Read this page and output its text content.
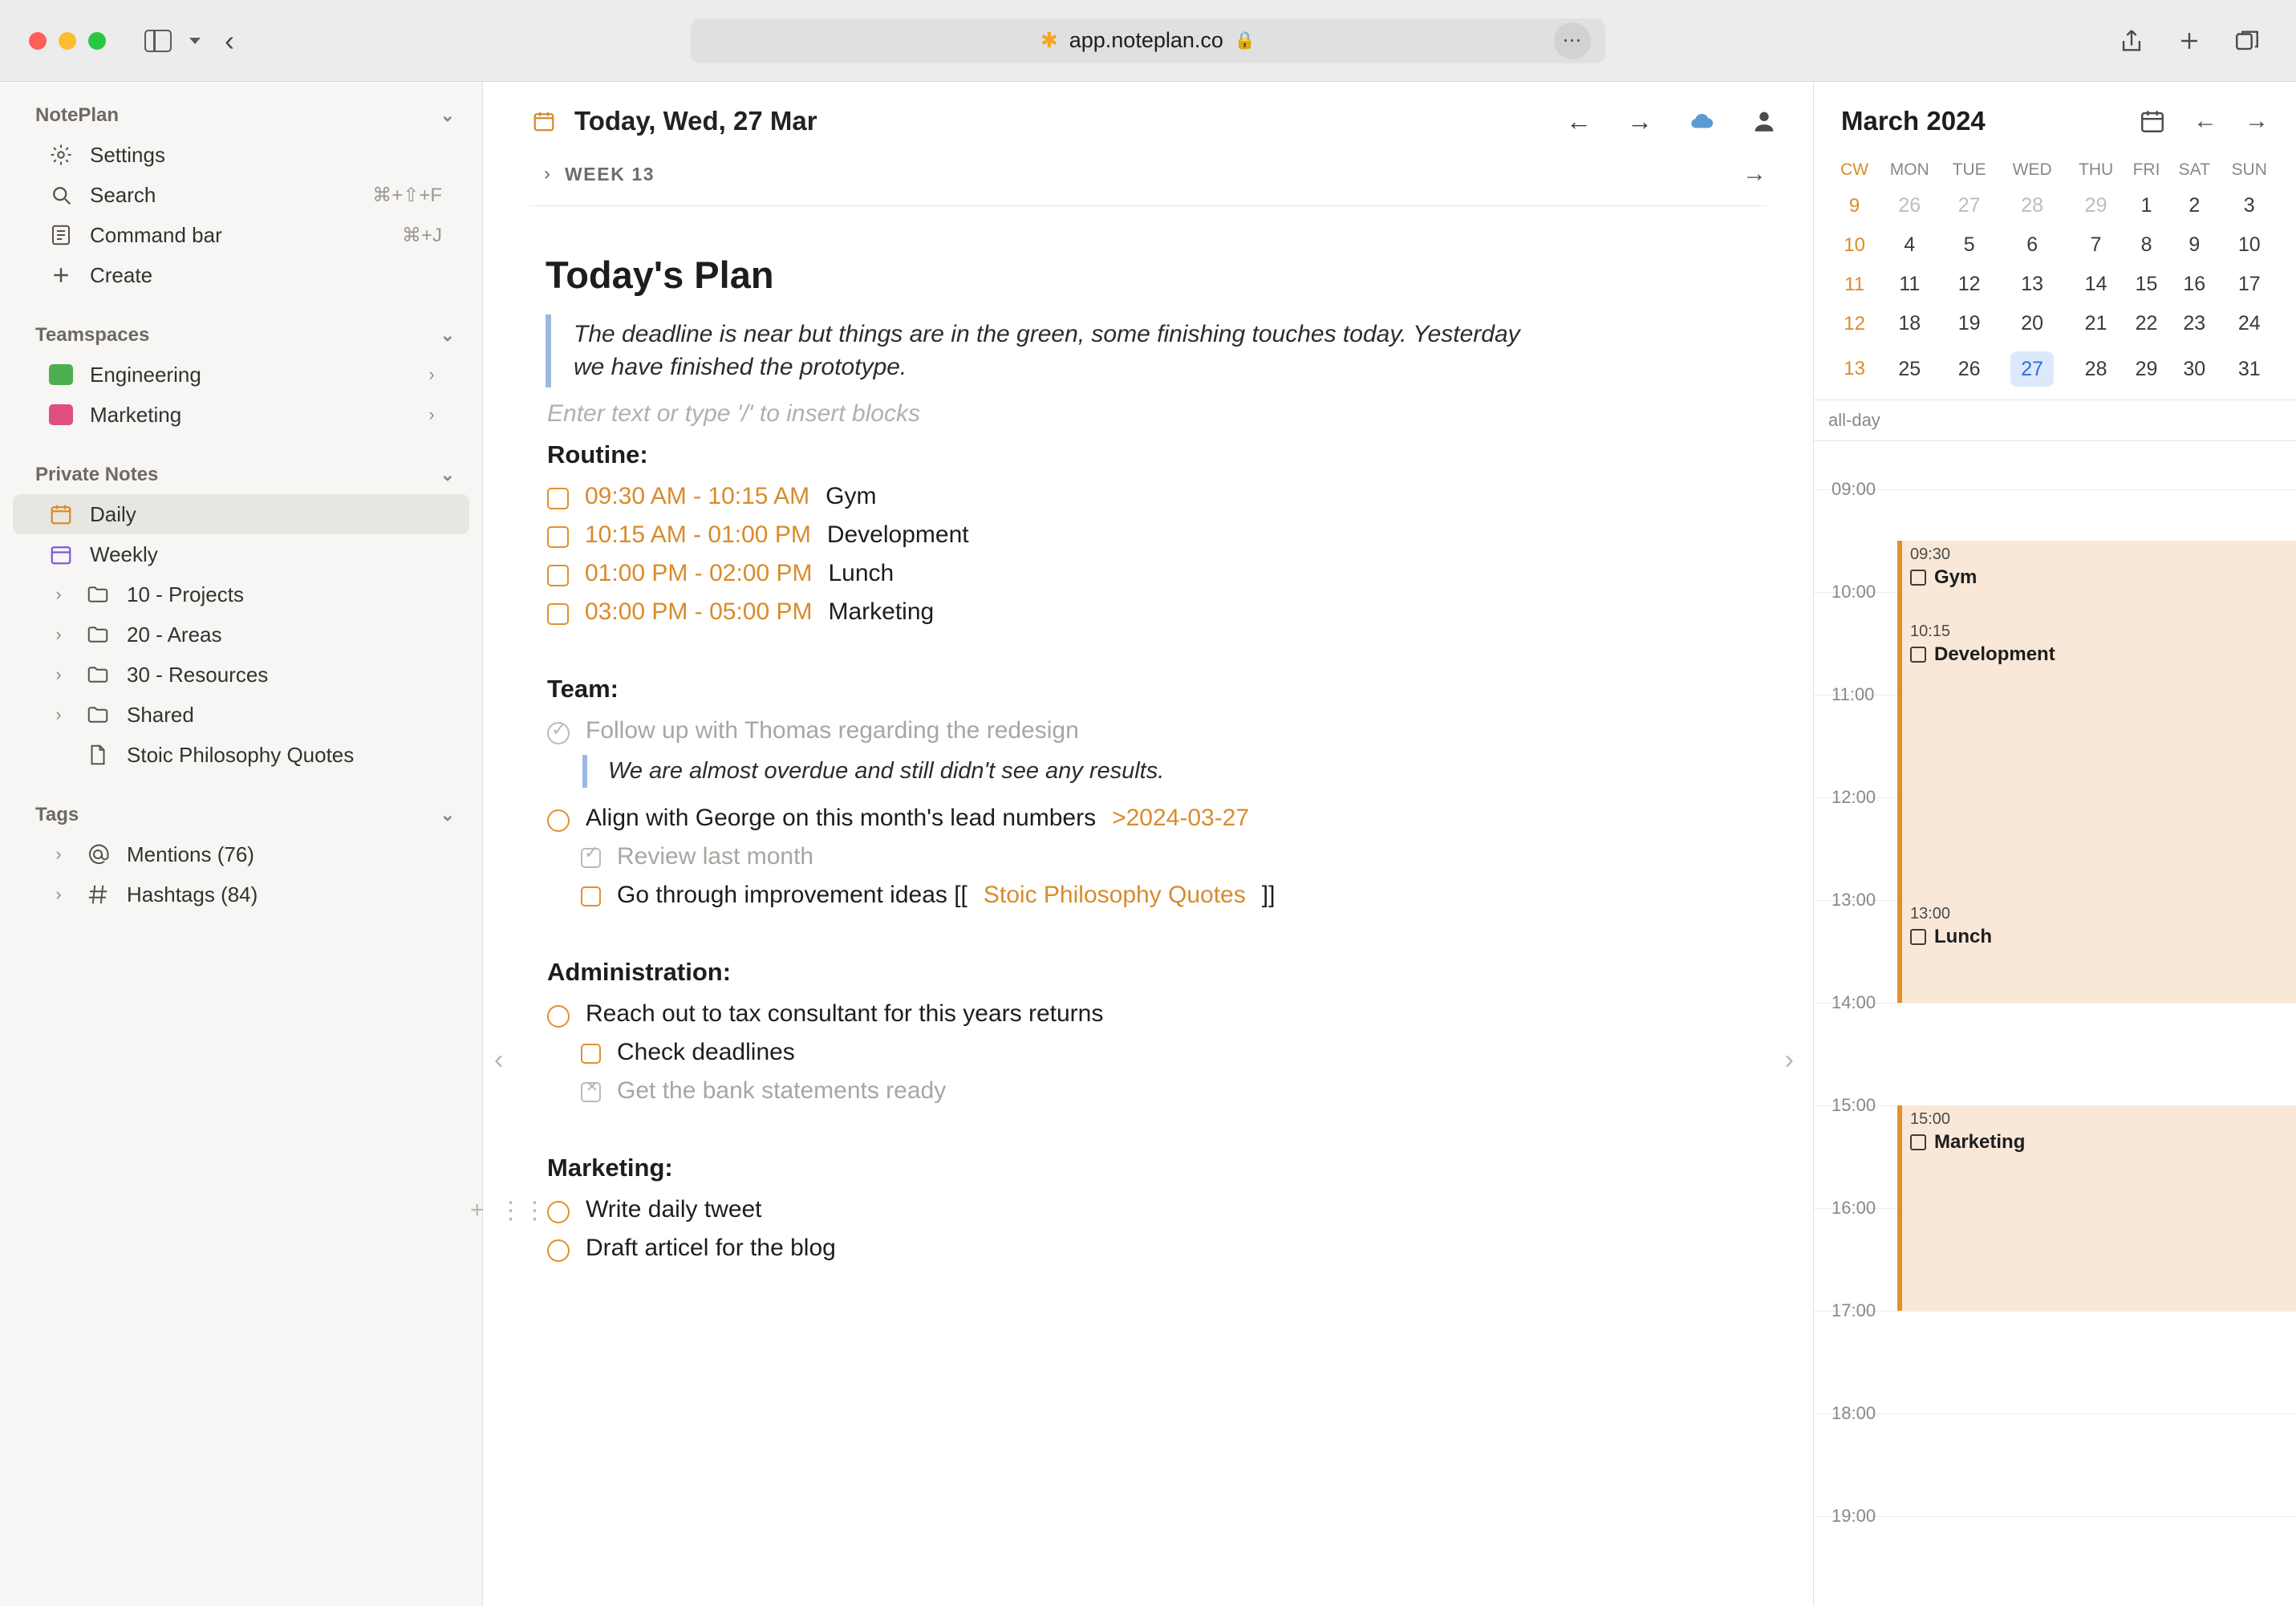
‹	✱ app.noteplan.co 🔒	⋯
NotePlan	⌄
Settings
Search	⌘+⇧+F
Command bar	⌘+J
Create
Teamspaces	⌄
Engineering	›
Marketing	›
Private Notes	⌄
Daily
Weekly
›	10 - Projects
›	20 - Areas
›	30 - Resources
›	Shared
Stoic Philosophy Quotes
Tags	⌄
›	Mentions (76)
›	Hashtags (84)
Today, Wed, 27 Mar	← →
› WEEK 13	→
‹	›
Today's Plan
The deadline is near but things are in the green, some finishing touches today. Yesterday we have finished the prototype.
Enter text or type '/' to insert blocks
Routine:
09:30 AM - 10:15 AM Gym
10:15 AM - 01:00 PM Development
01:00 PM - 02:00 PM Lunch
03:00 PM - 05:00 PM Marketing
Team:
✓
Follow up with Thomas regarding the redesign
We are almost overdue and still didn't see any results.
Align with George on this month's lead numbers >2024-03-27
✓
Review last month
Go through improvement ideas [[ Stoic Philosophy Quotes ]]
Administration:
Reach out to tax consultant for this years returns
Check deadlines
✕
Get the bank statements ready
Marketing:
+ ⋮⋮ Write daily tweet
Draft articel for the blog
March 2024	← →
CW	MON	TUE	WED	THU	FRI	SAT	SUN
9	26	27	28	29	1	2	3
10	4	5	6	7	8	9	10
11	11	12	13	14	15	16	17
12	18	19	20	21	22	23	24
13	25	26	27	28	29	30	31
all-day
09:00
10:00
11:00
12:00
13:00
14:00
15:00
16:00
17:00
18:00
19:00
09:30
Gym
10:15
Development
13:00
Lunch
15:00
Marketing
